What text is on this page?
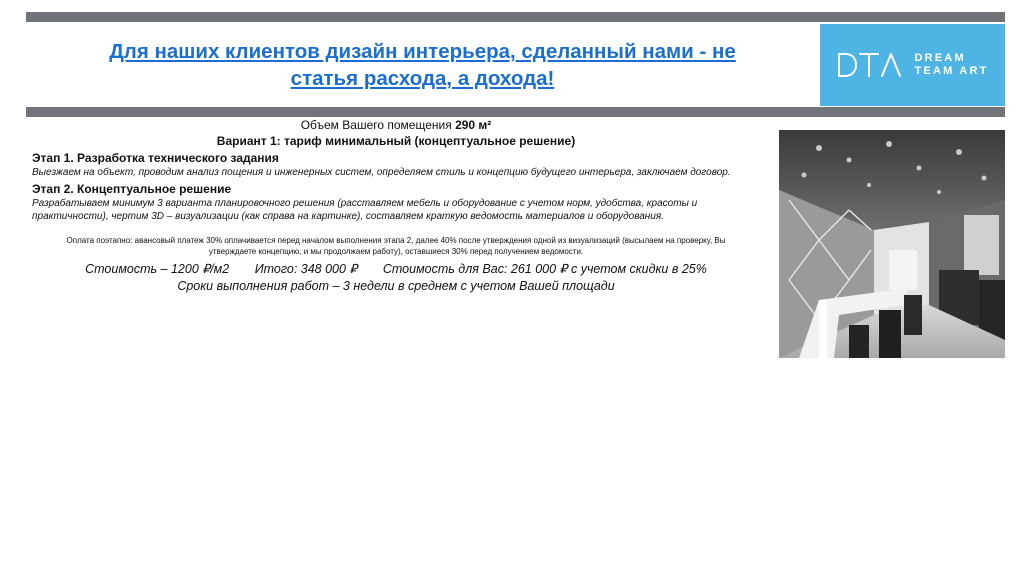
Для наших клиентов дизайн интерьера, сделанный нами - не
статья расхода, а дохода!
DREAM
TEAM ART
Объем Вашего помещения 290 м²
Вариант 1: тариф минимальный (концептуальное решение)
Этап 1. Разработка технического задания
Выезжаем на объект, проводим анализ пощения и инженерных систем, определяем стиль и концепцию будущего интерьера, заключаем договор.
Этап 2. Концептуальное решение
Разрабатываем минимум 3 варианта планировочного решения (расставляем мебель и оборудование с учетом норм, удобства, красоты и практичности), чертим 3D – визуализации (как справа на картинке), составляем краткую ведомость материалов и оборудования.
Оплата поэтапно: авансовый платеж 30% оплачивается перед началом выполнения этапа 2, далее 40% после утверждения одной из визуализаций (высылаем на проверку, Вы утверждаете концепцию, и мы продолжаем работу), оставшиеся 30% перед получением ведомости.
Стоимость – 1200 ₽/м2 Итого: 348 000 ₽ Стоимость для Вас: 261 000 ₽ с учетом скидки в 25%
Сроки выполнения работ – 3 недели в среднем с учетом Вашей площади
